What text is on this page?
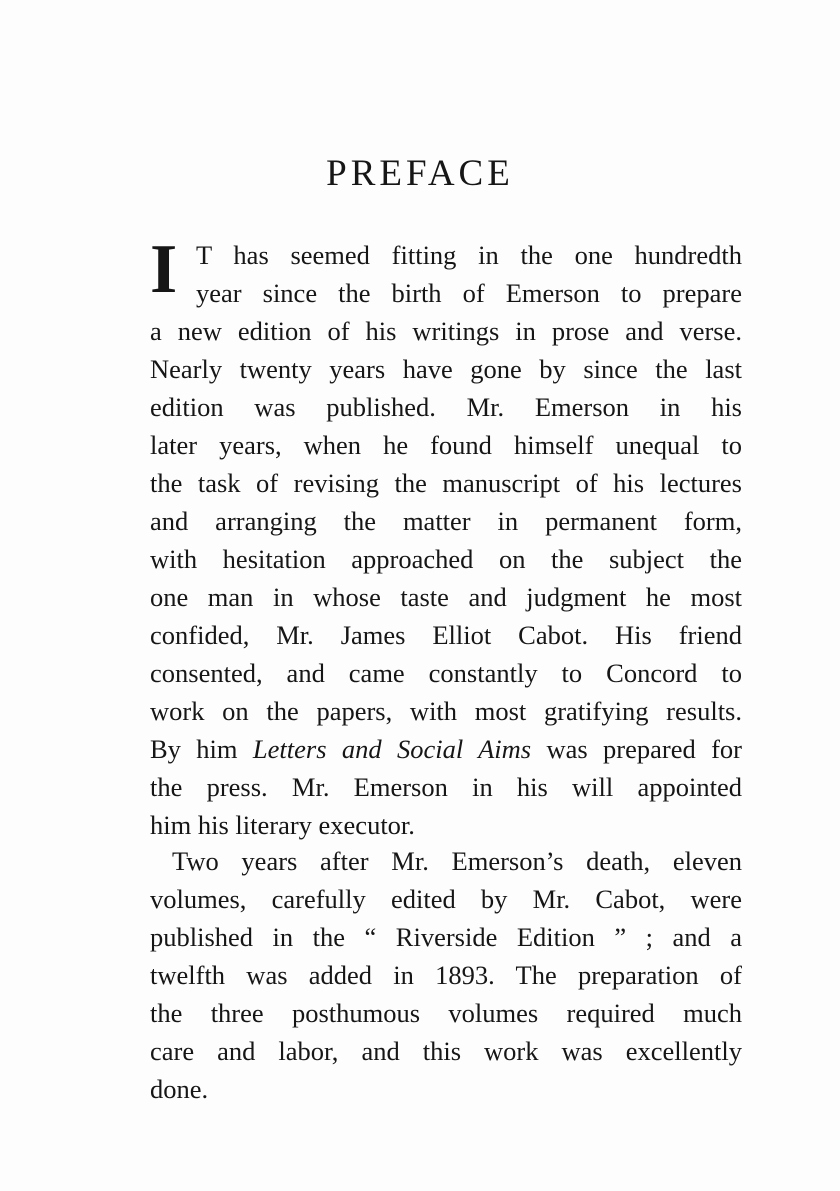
PREFACE
I T has seemed fitting in the one hundredth
year since the birth of Emerson to prepare
a new edition of his writings in prose and verse.
Nearly twenty years have gone by since the last
edition was published. Mr. Emerson in his
later years, when he found himself unequal to
the task of revising the manuscript of his lectures
and arranging the matter in permanent form,
with hesitation approached on the subject the
one man in whose taste and judgment he most
confided, Mr. James Elliot Cabot. His friend
consented, and came constantly to Concord to
work on the papers, with most gratifying results.
By him Letters and Social Aims was prepared for
the press. Mr. Emerson in his will appointed
him his literary executor.
Two years after Mr. Emerson’s death, eleven
volumes, carefully edited by Mr. Cabot, were
published in the “ Riverside Edition ” ; and a
twelfth was added in 1893. The preparation of
the three posthumous volumes required much
care and labor, and this work was excellently
done.
